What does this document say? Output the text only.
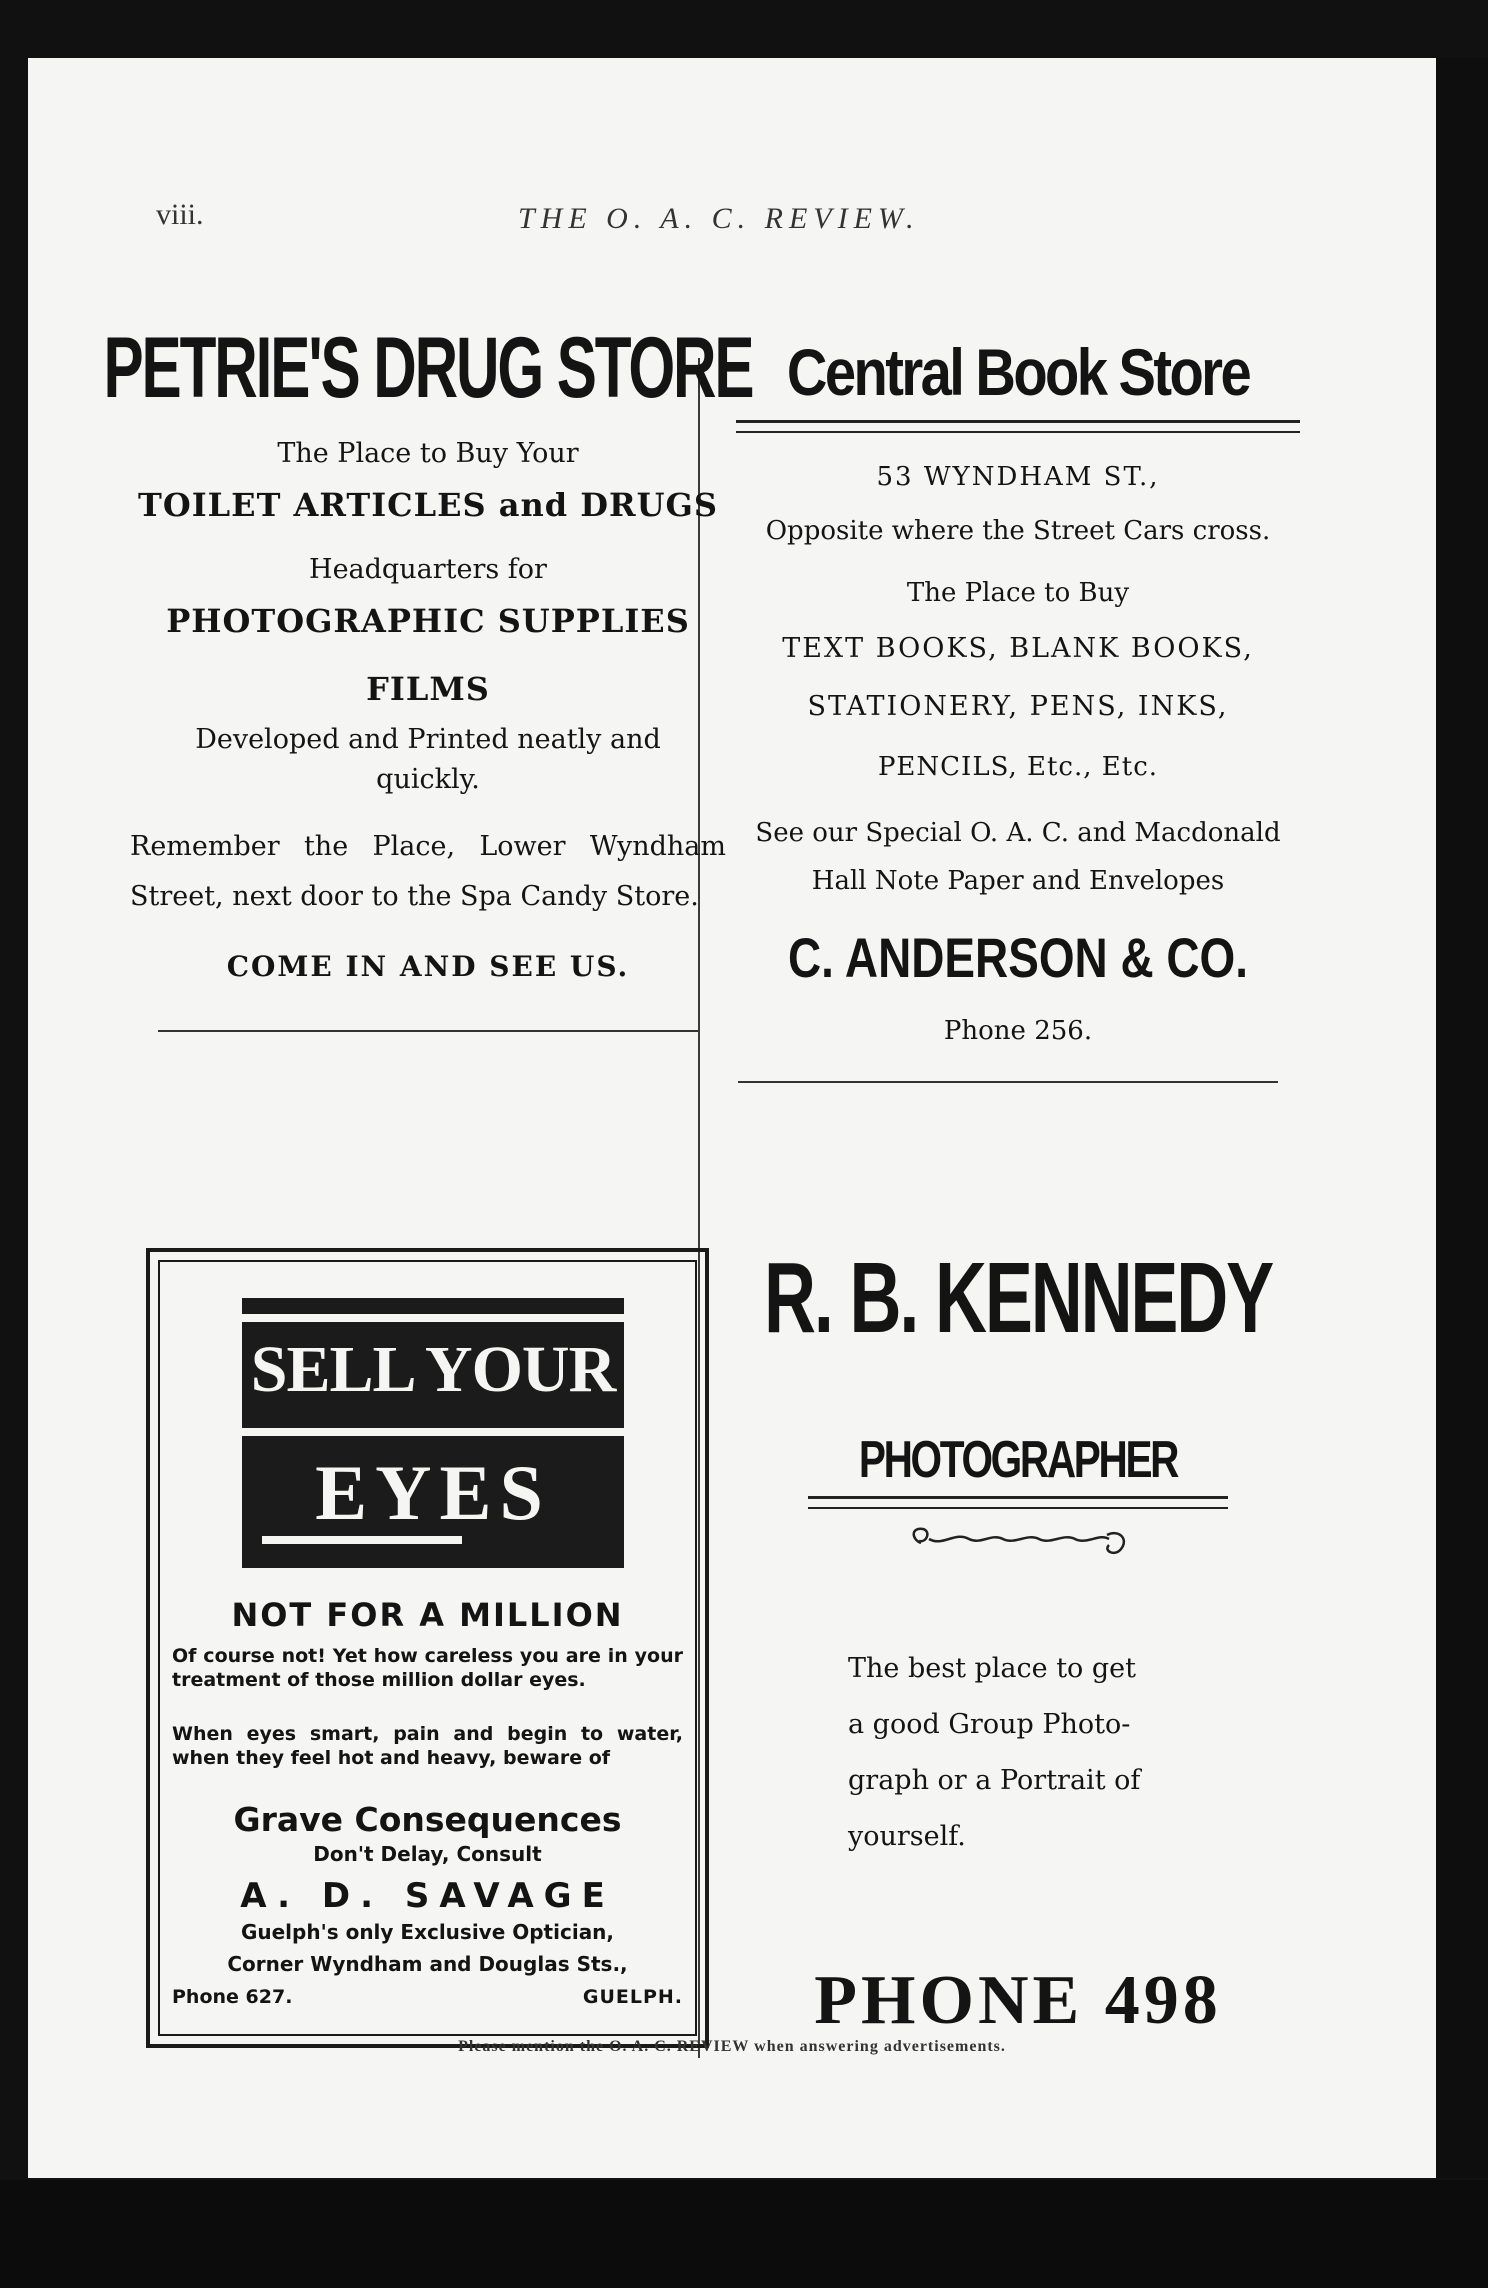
viii.	THE O. A. C. REVIEW.
PETRIE'S DRUG STORE
The Place to Buy Your
TOILET ARTICLES and DRUGS
Headquarters for
PHOTOGRAPHIC SUPPLIES
FILMS
Developed and Printed neatly and quickly.
Remember the Place, Lower Wyndham Street, next door to the Spa Candy Store.
COME IN AND SEE US.
Central Book Store
53 WYNDHAM ST.,
Opposite where the Street Cars cross.
The Place to Buy
TEXT BOOKS, BLANK BOOKS,
STATIONERY, PENS, INKS,
PENCILS, Etc., Etc.
See our Special O. A. C. and Macdonald Hall Note Paper and Envelopes
C. ANDERSON & CO.
Phone 256.
SELL YOUR
EYES
NOT FOR A MILLION
Of course not! Yet how careless you are in your treatment of those million dollar eyes.
When eyes smart, pain and begin to water, when they feel hot and heavy, beware of
Grave Consequences
Don't Delay, Consult
A. D. SAVAGE
Guelph's only Exclusive Optician,
Corner Wyndham and Douglas Sts.,
Phone 627.	GUELPH.
R. B. KENNEDY
PHOTOGRAPHER
The best place to get
a good Group Photo-
graph or a Portrait of
yourself.
PHONE 498
Please mention the O. A. C. REVIEW when answering advertisements.
